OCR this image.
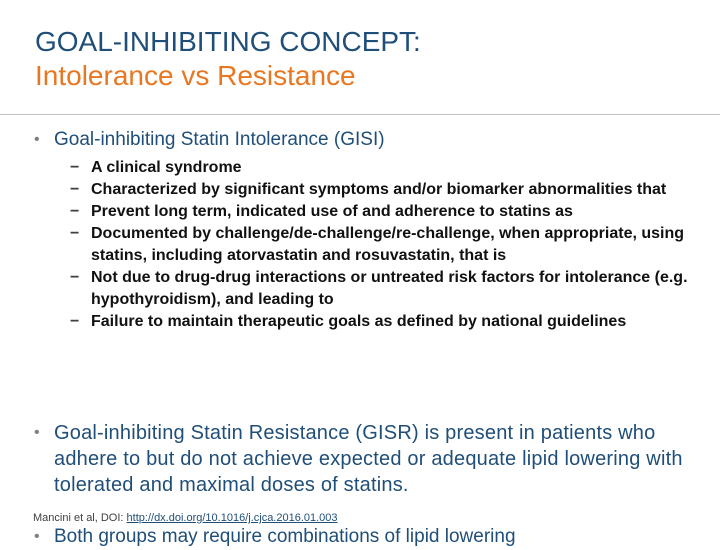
GOAL-INHIBITING CONCEPT:
Intolerance vs Resistance
• Goal-inhibiting Statin Intolerance (GISI)
− A clinical syndrome
− Characterized by significant symptoms and/or biomarker abnormalities that
− Prevent long term, indicated use of and adherence to statins as
− Documented by challenge/de-challenge/re-challenge, when appropriate, using statins, including atorvastatin and rosuvastatin, that is
− Not due to drug-drug interactions or untreated risk factors for intolerance (e.g. hypothyroidism), and leading to
− Failure to maintain therapeutic goals as defined by national guidelines
• Goal-inhibiting Statin Resistance (GISR) is present in patients who adhere to but do not achieve expected or adequate lipid lowering with tolerated and maximal doses of statins.
• Both groups may require combinations of lipid lowering
Mancini et al, DOI: http://dx.doi.org/10.1016/j.cjca.2016.01.003
